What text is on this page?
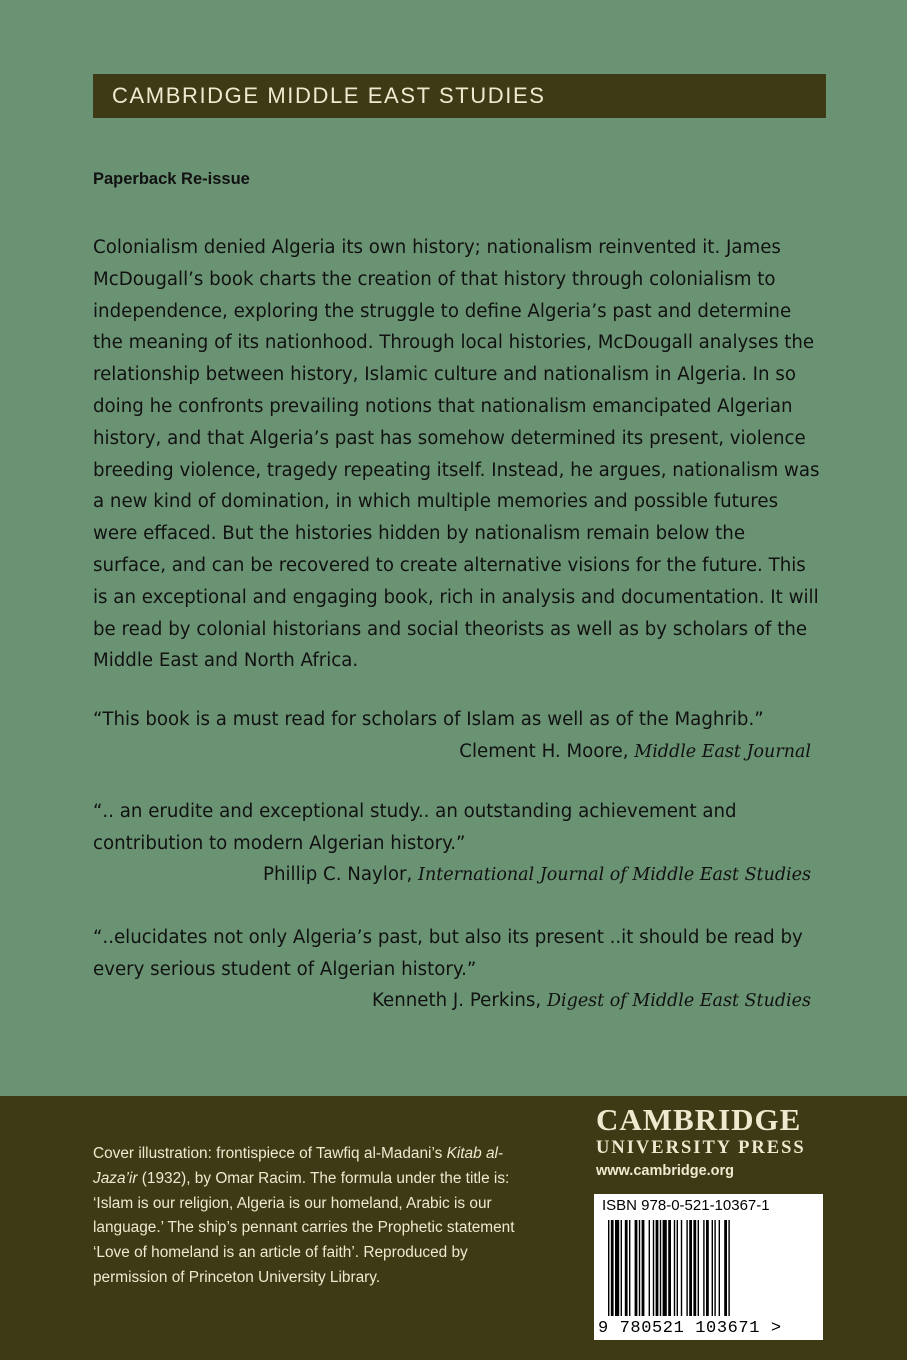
CAMBRIDGE MIDDLE EAST STUDIES
Paperback Re-issue

Colonialism denied Algeria its own history; nationalism reinvented it. James McDougall’s book charts the creation of that history through colonialism to independence, exploring the struggle to define Algeria’s past and determine the meaning of its nationhood. Through local histories, McDougall analyses the relationship between history, Islamic culture and nationalism in Algeria. In so doing he confronts prevailing notions that nationalism emancipated Algerian history, and that Algeria’s past has somehow determined its present, violence breeding violence, tragedy repeating itself. Instead, he argues, nationalism was a new kind of domination, in which multiple memories and possible futures were effaced. But the histories hidden by nationalism remain below the surface, and can be recovered to create alternative visions for the future. This is an exceptional and engaging book, rich in analysis and documentation. It will be read by colonial historians and social theorists as well as by scholars of the Middle East and North Africa.

“This book is a must read for scholars of Islam as well as of the Maghrib.”

Clement H. Moore, Middle East Journal

“.. an erudite and exceptional study.. an outstanding achievement and contribution to modern Algerian history.”

Phillip C. Naylor, International Journal of Middle East Studies

“..elucidates not only Algeria’s past, but also its present ..it should be read by every serious student of Algerian history.”

Kenneth J. Perkins, Digest of Middle East Studies

Cover illustration: frontispiece of Tawfiq al-Madani’s Kitab al-Jaza’ir (1932), by Omar Racim. The formula under the title is: ‘Islam is our religion, Algeria is our homeland, Arabic is our language.’ The ship’s pennant carries the Prophetic statement ‘Love of homeland is an article of faith’. Reproduced by permission of Princeton University Library.

CAMBRIDGE
UNIVERSITY PRESS
www.cambridge.org
ISBN 978-0-521-10367-1
9 780521 103671 >
